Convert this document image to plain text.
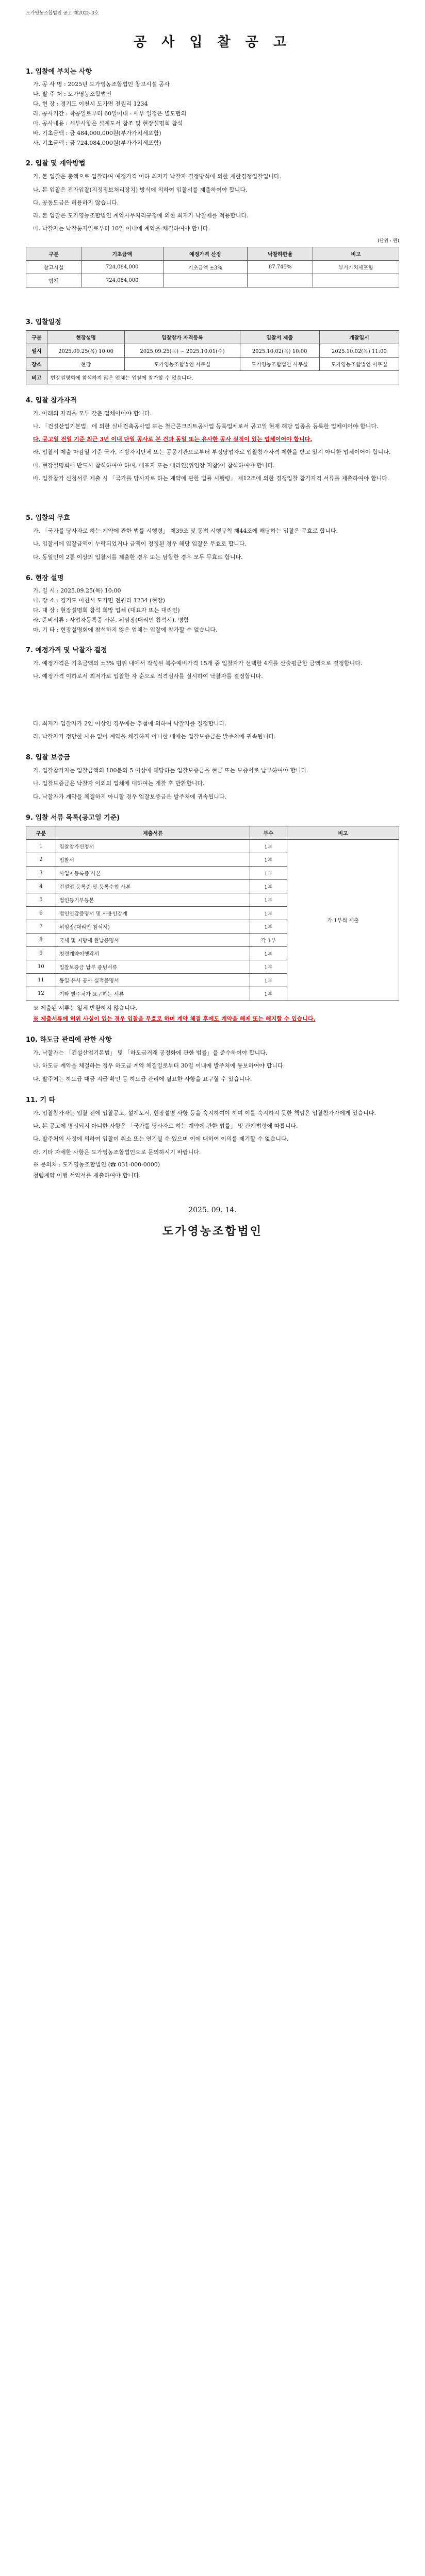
도가영농조합법인 공고 제2025-0호
공 사 입 찰 공 고
1. 입찰에 부치는 사항
가. 공 사 명 : 2025년 도가영농조합법인 창고시설 공사
나. 발 주 처 : 도가영농조합법인
다. 현 장 : 경기도 이천시 도가면 전원리 1234
라. 공사기간 : 착공일로부터 60일이내 - 세부 일정은 별도협의
마. 공사내용 : 세부사항은 설계도서 참조 및 현장설명회 참석
바. 기초금액 : 금 484,000,000원(부가가치세포함)
사. 기초금액 : 금 724,084,000원(부가가치세포함)
2. 입찰 및 계약방법
가. 본 입찰은 총액으로 입찰하며 예정가격 이하 최저가 낙찰자 결정방식에 의한 제한경쟁입찰입니다.
나. 본 입찰은 전자입찰(지정정보처리장치) 방식에 의하여 입찰서를 제출하여야 합니다.
다. 공동도급은 허용하지 않습니다.
라. 본 입찰은 도가영농조합법인 계약사무처리규정에 의한 최저가 낙찰제를 적용합니다.
마. 낙찰자는 낙찰통지일로부터 10일 이내에 계약을 체결하여야 합니다.
(단위 : 원)
구분	기초금액	예정가격 산정	낙찰하한율	비고
창고시설	724,084,000	기초금액 ±3%	87.745%	부가가치세포함
합계	724,084,000			
3. 입찰일정
구분	현장설명	입찰참가 자격등록	입찰서 제출	개찰일시
일시	2025.09.25(목) 10:00	2025.09.25(목) ~ 2025.10.01(수)	2025.10.02(목) 10:00	2025.10.02(목) 11:00
장소	현장	도가영농조합법인 사무실	도가영농조합법인 사무실	도가영농조합법인 사무실
비고	현장설명회에 참석하지 않은 업체는 입찰에 참가할 수 없습니다.			
4. 입찰 참가자격
가. 아래의 자격을 모두 갖춘 업체이어야 합니다.
나. 「건설산업기본법」에 의한 실내건축공사업 또는 철근콘크리트공사업 등록업체로서 공고일 현재 해당 업종을 등록한 업체이어야 합니다.
다. 공고일 전일 기준 최근 3년 이내 단일 공사로 본 건과 동일 또는 유사한 공사 실적이 있는 업체이어야 합니다.
라. 입찰서 제출 마감일 기준 국가, 지방자치단체 또는 공공기관으로부터 부정당업자로 입찰참가자격 제한을 받고 있지 아니한 업체이어야 합니다.
마. 현장설명회에 반드시 참석하여야 하며, 대표자 또는 대리인(위임장 지참)이 참석하여야 합니다.
바. 입찰참가 신청서류 제출 시 「국가를 당사자로 하는 계약에 관한 법률 시행령」 제12조에 의한 경쟁입찰 참가자격 서류를 제출하여야 합니다.
5. 입찰의 무효
가. 「국가를 당사자로 하는 계약에 관한 법률 시행령」 제39조 및 동법 시행규칙 제44조에 해당하는 입찰은 무효로 합니다.
나. 입찰서에 입찰금액이 누락되었거나 금액이 정정된 경우 해당 입찰은 무효로 합니다.
다. 동일인이 2통 이상의 입찰서를 제출한 경우 또는 담합한 경우 모두 무효로 합니다.
6. 현장 설명
가. 일 시 : 2025.09.25(목) 10:00
나. 장 소 : 경기도 이천시 도가면 전원리 1234 (현장)
다. 대 상 : 현장설명회 참석 희망 업체 (대표자 또는 대리인)
라. 준비서류 : 사업자등록증 사본, 위임장(대리인 참석시), 명함
마. 기 타 : 현장설명회에 참석하지 않은 업체는 입찰에 참가할 수 없습니다.
7. 예정가격 및 낙찰자 결정
가. 예정가격은 기초금액의 ±3% 범위 내에서 작성된 복수예비가격 15개 중 입찰자가 선택한 4개를 산술평균한 금액으로 결정합니다.
나. 예정가격 이하로서 최저가로 입찰한 자 순으로 적격심사를 실시하여 낙찰자를 결정합니다.
다. 최저가 입찰자가 2인 이상인 경우에는 추첨에 의하여 낙찰자를 결정합니다.
라. 낙찰자가 정당한 사유 없이 계약을 체결하지 아니한 때에는 입찰보증금은 발주처에 귀속됩니다.
8. 입찰 보증금
가. 입찰참가자는 입찰금액의 100분의 5 이상에 해당하는 입찰보증금을 현금 또는 보증서로 납부하여야 합니다.
나. 입찰보증금은 낙찰자 이외의 업체에 대하여는 개찰 후 반환합니다.
다. 낙찰자가 계약을 체결하지 아니할 경우 입찰보증금은 발주처에 귀속됩니다.
9. 입찰 서류 목록(공고일 기준)
구분	제출서류	부수	비고
1	입찰참가신청서	1부	각 1부씩 제출
2	입찰서	1부	
3	사업자등록증 사본	1부	
4	건설업 등록증 및 등록수첩 사본	1부	
5	법인등기부등본	1부	
6	법인인감증명서 및 사용인감계	1부	
7	위임장(대리인 참석시)	1부	
8	국세 및 지방세 완납증명서	각 1부	
9	청렴계약이행각서	1부	
10	입찰보증금 납부 증빙서류	1부	
11	동일·유사 공사 실적증명서	1부	
12	기타 발주처가 요구하는 서류	1부	
※ 제출된 서류는 일체 반환하지 않습니다.
※ 제출서류에 허위 사실이 있는 경우 입찰을 무효로 하며 계약 체결 후에도 계약을 해제 또는 해지할 수 있습니다.
10. 하도급 관리에 관한 사항
가. 낙찰자는 「건설산업기본법」 및 「하도급거래 공정화에 관한 법률」을 준수하여야 합니다.
나. 하도급 계약을 체결하는 경우 하도급 계약 체결일로부터 30일 이내에 발주처에 통보하여야 합니다.
다. 발주처는 하도급 대금 지급 확인 등 하도급 관리에 필요한 사항을 요구할 수 있습니다.
11. 기 타
가. 입찰참가자는 입찰 전에 입찰공고, 설계도서, 현장설명 사항 등을 숙지하여야 하며 이를 숙지하지 못한 책임은 입찰참가자에게 있습니다.
나. 본 공고에 명시되지 아니한 사항은 「국가를 당사자로 하는 계약에 관한 법률」 및 관계법령에 따릅니다.
다. 발주처의 사정에 의하여 입찰이 취소 또는 연기될 수 있으며 이에 대하여 이의를 제기할 수 없습니다.
라. 기타 자세한 사항은 도가영농조합법인으로 문의하시기 바랍니다.
※ 문의처 : 도가영농조합법인 (☎ 031-000-0000)
청렴계약 이행 서약서를 제출하여야 합니다.
2025. 09. 14.
도가영농조합법인
